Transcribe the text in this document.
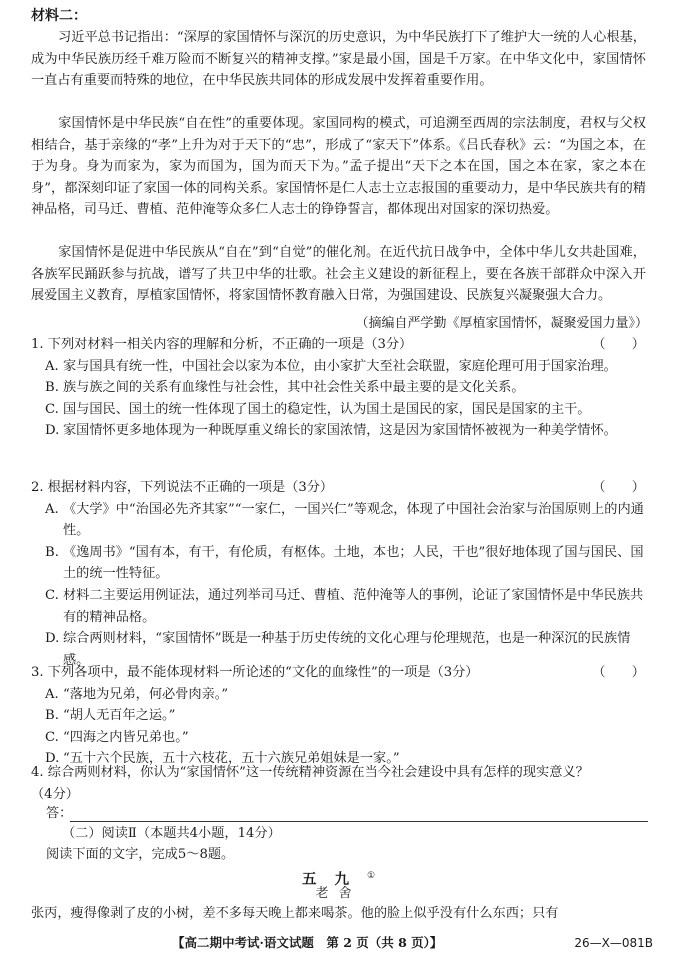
材料二：
习近平总书记指出：“深厚的家国情怀与深沉的历史意识，为中华民族打下了维护大一统的人心根基，成为中华民族历经千难万险而不断复兴的精神支撑。”家是最小国，国是千万家。在中华文化中，家国情怀一直占有重要而特殊的地位，在中华民族共同体的形成发展中发挥着重要作用。
家国情怀是中华民族“自在性”的重要体现。家国同构的模式，可追溯至西周的宗法制度，君权与父权相结合，基于亲缘的“孝”上升为对于天下的“忠”，形成了“家天下”体系。《吕氏春秋》云：“为国之本，在于为身。身为而家为，家为而国为，国为而天下为。”孟子提出“天下之本在国，国之本在家，家之本在身”，都深刻印证了家国一体的同构关系。家国情怀是仁人志士立志报国的重要动力，是中华民族共有的精神品格，司马迁、曹植、范仲淹等众多仁人志士的铮铮誓言，都体现出对国家的深切热爱。
家国情怀是促进中华民族从“自在”到“自觉”的催化剂。在近代抗日战争中，全体中华儿女共赴国难，各族军民踊跃参与抗战，谱写了共卫中华的壮歌。社会主义建设的新征程上，要在各族干部群众中深入开展爱国主义教育，厚植家国情怀，将家国情怀教育融入日常，为强国建设、民族复兴凝聚强大合力。
（摘编自严学勤《厚植家国情怀，凝聚爱国力量》）
1. 下列对材料一相关内容的理解和分析，不正确的一项是（3分）	（　　）
A. 家与国具有统一性，中国社会以家为本位，由小家扩大至社会联盟，家庭伦理可用于国家治理。
B. 族与族之间的关系有血缘性与社会性，其中社会性关系中最主要的是文化关系。
C. 国与国民、国土的统一性体现了国土的稳定性，认为国土是国民的家，国民是国家的主干。
D. 家国情怀更多地体现为一种既厚重义绵长的家国浓情，这是因为家国情怀被视为一种美学情怀。
2. 根据材料内容，下列说法不正确的一项是（3分）	（　　）
A. 《大学》中“治国必先齐其家”“一家仁，一国兴仁”等观念，体现了中国社会治家与治国原则上的内通性。
B. 《逸周书》“国有本，有干，有伦质，有枢体。土地，本也；人民，干也”很好地体现了国与国民、国土的统一性特征。
C. 材料二主要运用例证法，通过列举司马迁、曹植、范仲淹等人的事例，论证了家国情怀是中华民族共有的精神品格。
D. 综合两则材料，“家国情怀”既是一种基于历史传统的文化心理与伦理规范，也是一种深沉的民族情感。
3. 下列各项中，最不能体现材料一所论述的“文化的血缘性”的一项是（3分）	（　　）
A. “落地为兄弟，何必骨肉亲。”
B. “胡人无百年之运。”
C. “四海之内皆兄弟也。”
D. “五十六个民族，五十六枝花，五十六族兄弟姐妹是一家。”
4. 综合两则材料，你认为“家国情怀”这一传统精神资源在当今社会建设中具有怎样的现实意义？（4分）
答：
（二）阅读Ⅱ（本题共4小题，14分）
阅读下面的文字，完成5～8题。
五九①
老舍
张丙，瘦得像剥了皮的小树，差不多每天晚上都来喝茶。他的脸上似乎没有什么东西；只有
【高二期中考试·语文试题　第 2 页（共 8 页）】	26—X—081B
